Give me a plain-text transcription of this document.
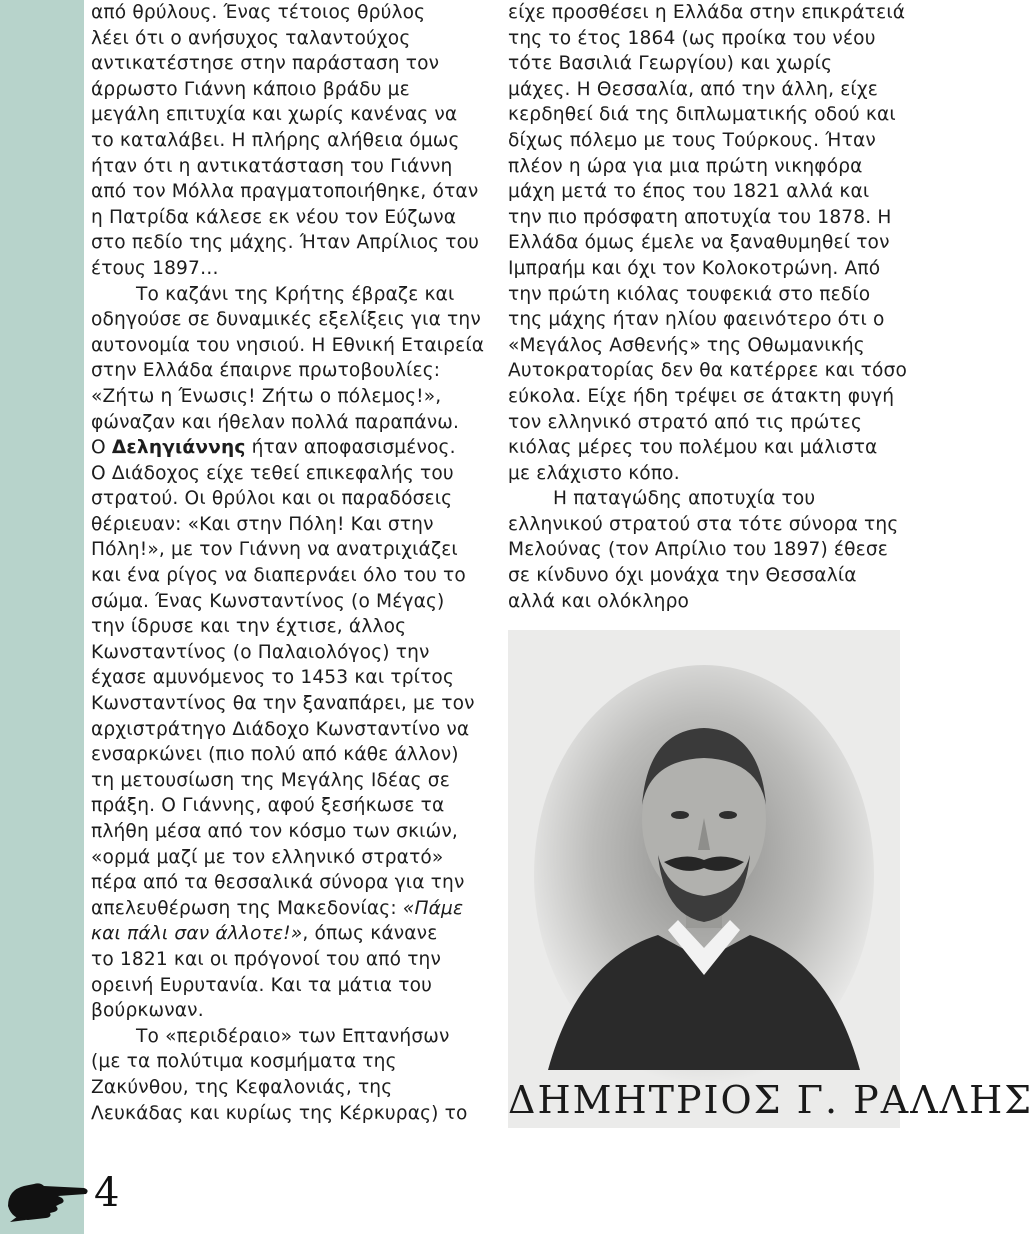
από θρύλους. Ένας τέτοιος θρύλος

λέει ότι ο ανήσυχος ταλαντούχος

αντικατέστησε στην παράσταση τον

άρρωστο Γιάννη κάποιο βράδυ με

μεγάλη επιτυχία και χωρίς κανένας να

το καταλάβει. Η πλήρης αλήθεια όμως

ήταν ότι η αντικατάσταση του Γιάννη

από τον Μόλλα πραγματοποιήθηκε, όταν

η Πατρίδα κάλεσε εκ νέου τον Εύζωνα

στο πεδίο της μάχης. Ήταν Απρίλιος του

έτους 1897…

Το καζάνι της Κρήτης έβραζε και

οδηγούσε σε δυναμικές εξελίξεις για την

αυτονομία του νησιού. Η Εθνική Εταιρεία

στην Ελλάδα έπαιρνε πρωτοβουλίες:

«Ζήτω η Ένωσις! Ζήτω ο πόλεμος!»,

φώναζαν και ήθελαν πολλά παραπάνω.

Ο Δεληγιάννης ήταν αποφασισμένος.

Ο Διάδοχος είχε τεθεί επικεφαλής του

στρατού. Οι θρύλοι και οι παραδόσεις

θέριευαν: «Και στην Πόλη! Και στην

Πόλη!», με τον Γιάννη να ανατριχιάζει

και ένα ρίγος να διαπερνάει όλο του το

σώμα. Ένας Κωνσταντίνος (ο Μέγας)

την ίδρυσε και την έχτισε, άλλος

Κωνσταντίνος (ο Παλαιολόγος) την

έχασε αμυνόμενος το 1453 και τρίτος

Κωνσταντίνος θα την ξαναπάρει, με τον

αρχιστράτηγο Διάδοχο Κωνσταντίνο να

ενσαρκώνει (πιο πολύ από κάθε άλλον)

τη μετουσίωση της Μεγάλης Ιδέας σε

πράξη. Ο Γιάννης, αφού ξεσήκωσε τα

πλήθη μέσα από τον κόσμο των σκιών,

«ορμά μαζί με τον ελληνικό στρατό»

πέρα από τα θεσσαλικά σύνορα για την

απελευθέρωση της Μακεδονίας: «Πάμε

και πάλι σαν άλλοτε!», όπως κάνανε

το 1821 και οι πρόγονοί του από την

ορεινή Ευρυτανία. Και τα μάτια του

βούρκωναν.

Το «περιδέραιο» των Επτανήσων

(με τα πολύτιμα κοσμήματα της

Ζακύνθου, της Κεφαλονιάς, της

Λευκάδας και κυρίως της Κέρκυρας) το

είχε προσθέσει η Ελλάδα στην επικράτειά

της το έτος 1864 (ως προίκα του νέου

τότε Βασιλιά Γεωργίου) και χωρίς

μάχες. Η Θεσσαλία, από την άλλη, είχε

κερδηθεί διά της διπλωματικής οδού και

δίχως πόλεμο με τους Τούρκους. Ήταν

πλέον η ώρα για μια πρώτη νικηφόρα

μάχη μετά το έπος του 1821 αλλά και

την πιο πρόσφατη αποτυχία του 1878. Η

Ελλάδα όμως έμελε να ξαναθυμηθεί τον

Ιμπραήμ και όχι τον Κολοκοτρώνη. Από

την πρώτη κιόλας τουφεκιά στο πεδίο

της μάχης ήταν ηλίου φαεινότερο ότι ο

«Μεγάλος Ασθενής» της Οθωμανικής

Αυτοκρατορίας δεν θα κατέρρεε και τόσο

εύκολα. Είχε ήδη τρέψει σε άτακτη φυγή

τον ελληνικό στρατό από τις πρώτες

κιόλας μέρες του πολέμου και μάλιστα

με ελάχιστο κόπο.

Η παταγώδης αποτυχία του

ελληνικού στρατού στα τότε σύνορα της

Μελούνας (τον Απρίλιο του 1897) έθεσε

σε κίνδυνο όχι μονάχα την Θεσσαλία

αλλά και ολόκληρο

ΔΗΜΗΤΡΙΟΣ Γ. ΡΑΛΛΗΣ
4
